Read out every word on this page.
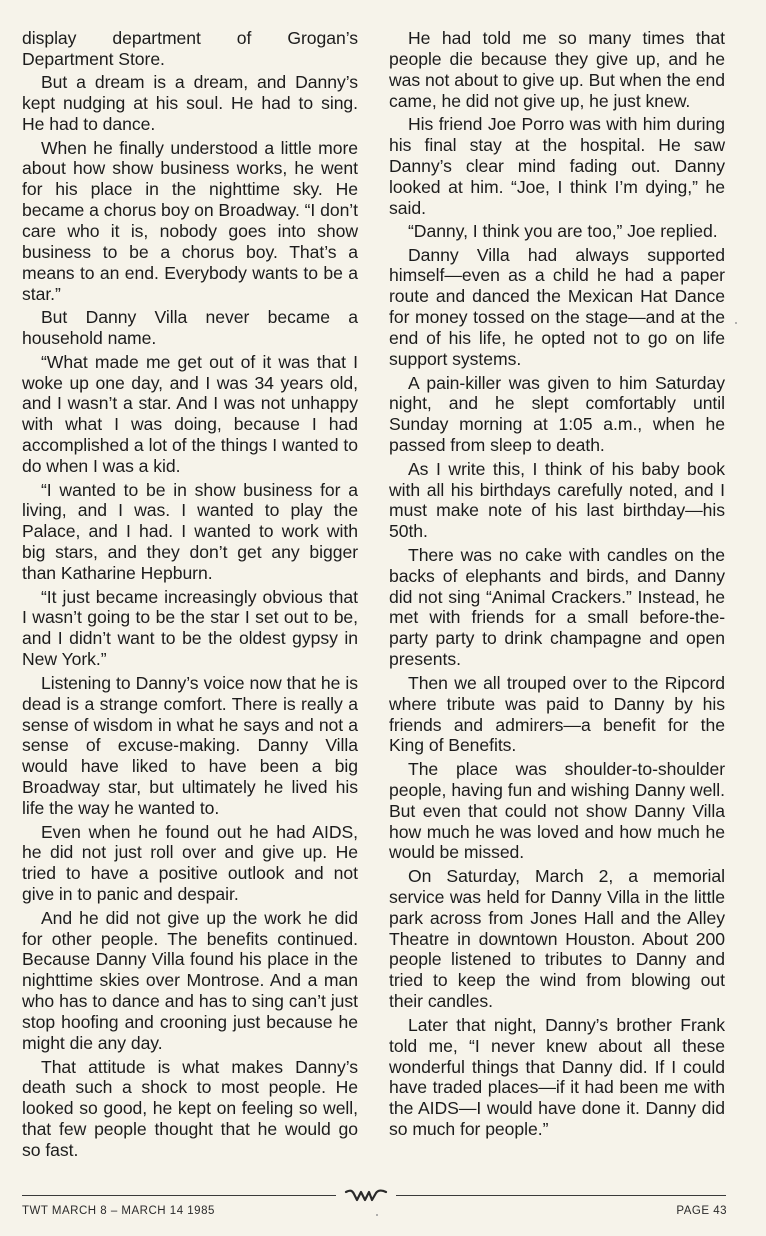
display department of Grogan’s Department Store.

But a dream is a dream, and Danny’s kept nudging at his soul. He had to sing. He had to dance.

When he finally understood a little more about how show business works, he went for his place in the nighttime sky. He became a chorus boy on Broadway. “I don’t care who it is, nobody goes into show business to be a chorus boy. That’s a means to an end. Everybody wants to be a star.”

But Danny Villa never became a household name.

“What made me get out of it was that I woke up one day, and I was 34 years old, and I wasn’t a star. And I was not unhappy with what I was doing, because I had accomplished a lot of the things I wanted to do when I was a kid.

“I wanted to be in show business for a living, and I was. I wanted to play the Palace, and I had. I wanted to work with big stars, and they don’t get any bigger than Katharine Hepburn.

“It just became increasingly obvious that I wasn’t going to be the star I set out to be, and I didn’t want to be the oldest gypsy in New York.”

Listening to Danny’s voice now that he is dead is a strange comfort. There is really a sense of wisdom in what he says and not a sense of excuse-making. Danny Villa would have liked to have been a big Broadway star, but ultimately he lived his life the way he wanted to.

Even when he found out he had AIDS, he did not just roll over and give up. He tried to have a positive outlook and not give in to panic and despair.

And he did not give up the work he did for other people. The benefits continued. Because Danny Villa found his place in the nighttime skies over Montrose. And a man who has to dance and has to sing can’t just stop hoofing and crooning just because he might die any day.

That attitude is what makes Danny’s death such a shock to most people. He looked so good, he kept on feeling so well, that few people thought that he would go so fast.

He had told me so many times that people die because they give up, and he was not about to give up. But when the end came, he did not give up, he just knew.

His friend Joe Porro was with him during his final stay at the hospital. He saw Danny’s clear mind fading out. Danny looked at him. “Joe, I think I’m dying,” he said.

“Danny, I think you are too,” Joe replied.

Danny Villa had always supported himself—even as a child he had a paper route and danced the Mexican Hat Dance for money tossed on the stage—and at the end of his life, he opted not to go on life support systems.

A pain-killer was given to him Saturday night, and he slept comfortably until Sunday morning at 1:05 a.m., when he passed from sleep to death.

As I write this, I think of his baby book with all his birthdays carefully noted, and I must make note of his last birthday—his 50th.

There was no cake with candles on the backs of elephants and birds, and Danny did not sing “Animal Crackers.” Instead, he met with friends for a small before-the-party party to drink champagne and open presents.

Then we all trouped over to the Ripcord where tribute was paid to Danny by his friends and admirers—a benefit for the King of Benefits.

The place was shoulder-to-shoulder people, having fun and wishing Danny well. But even that could not show Danny Villa how much he was loved and how much he would be missed.

On Saturday, March 2, a memorial service was held for Danny Villa in the little park across from Jones Hall and the Alley Theatre in downtown Houston. About 200 people listened to tributes to Danny and tried to keep the wind from blowing out their candles.

Later that night, Danny’s brother Frank told me, “I never knew about all these wonderful things that Danny did. If I could have traded places—if it had been me with the AIDS—I would have done it. Danny did so much for people.”

TWT MARCH 8 – MARCH 14 1985	PAGE 43
